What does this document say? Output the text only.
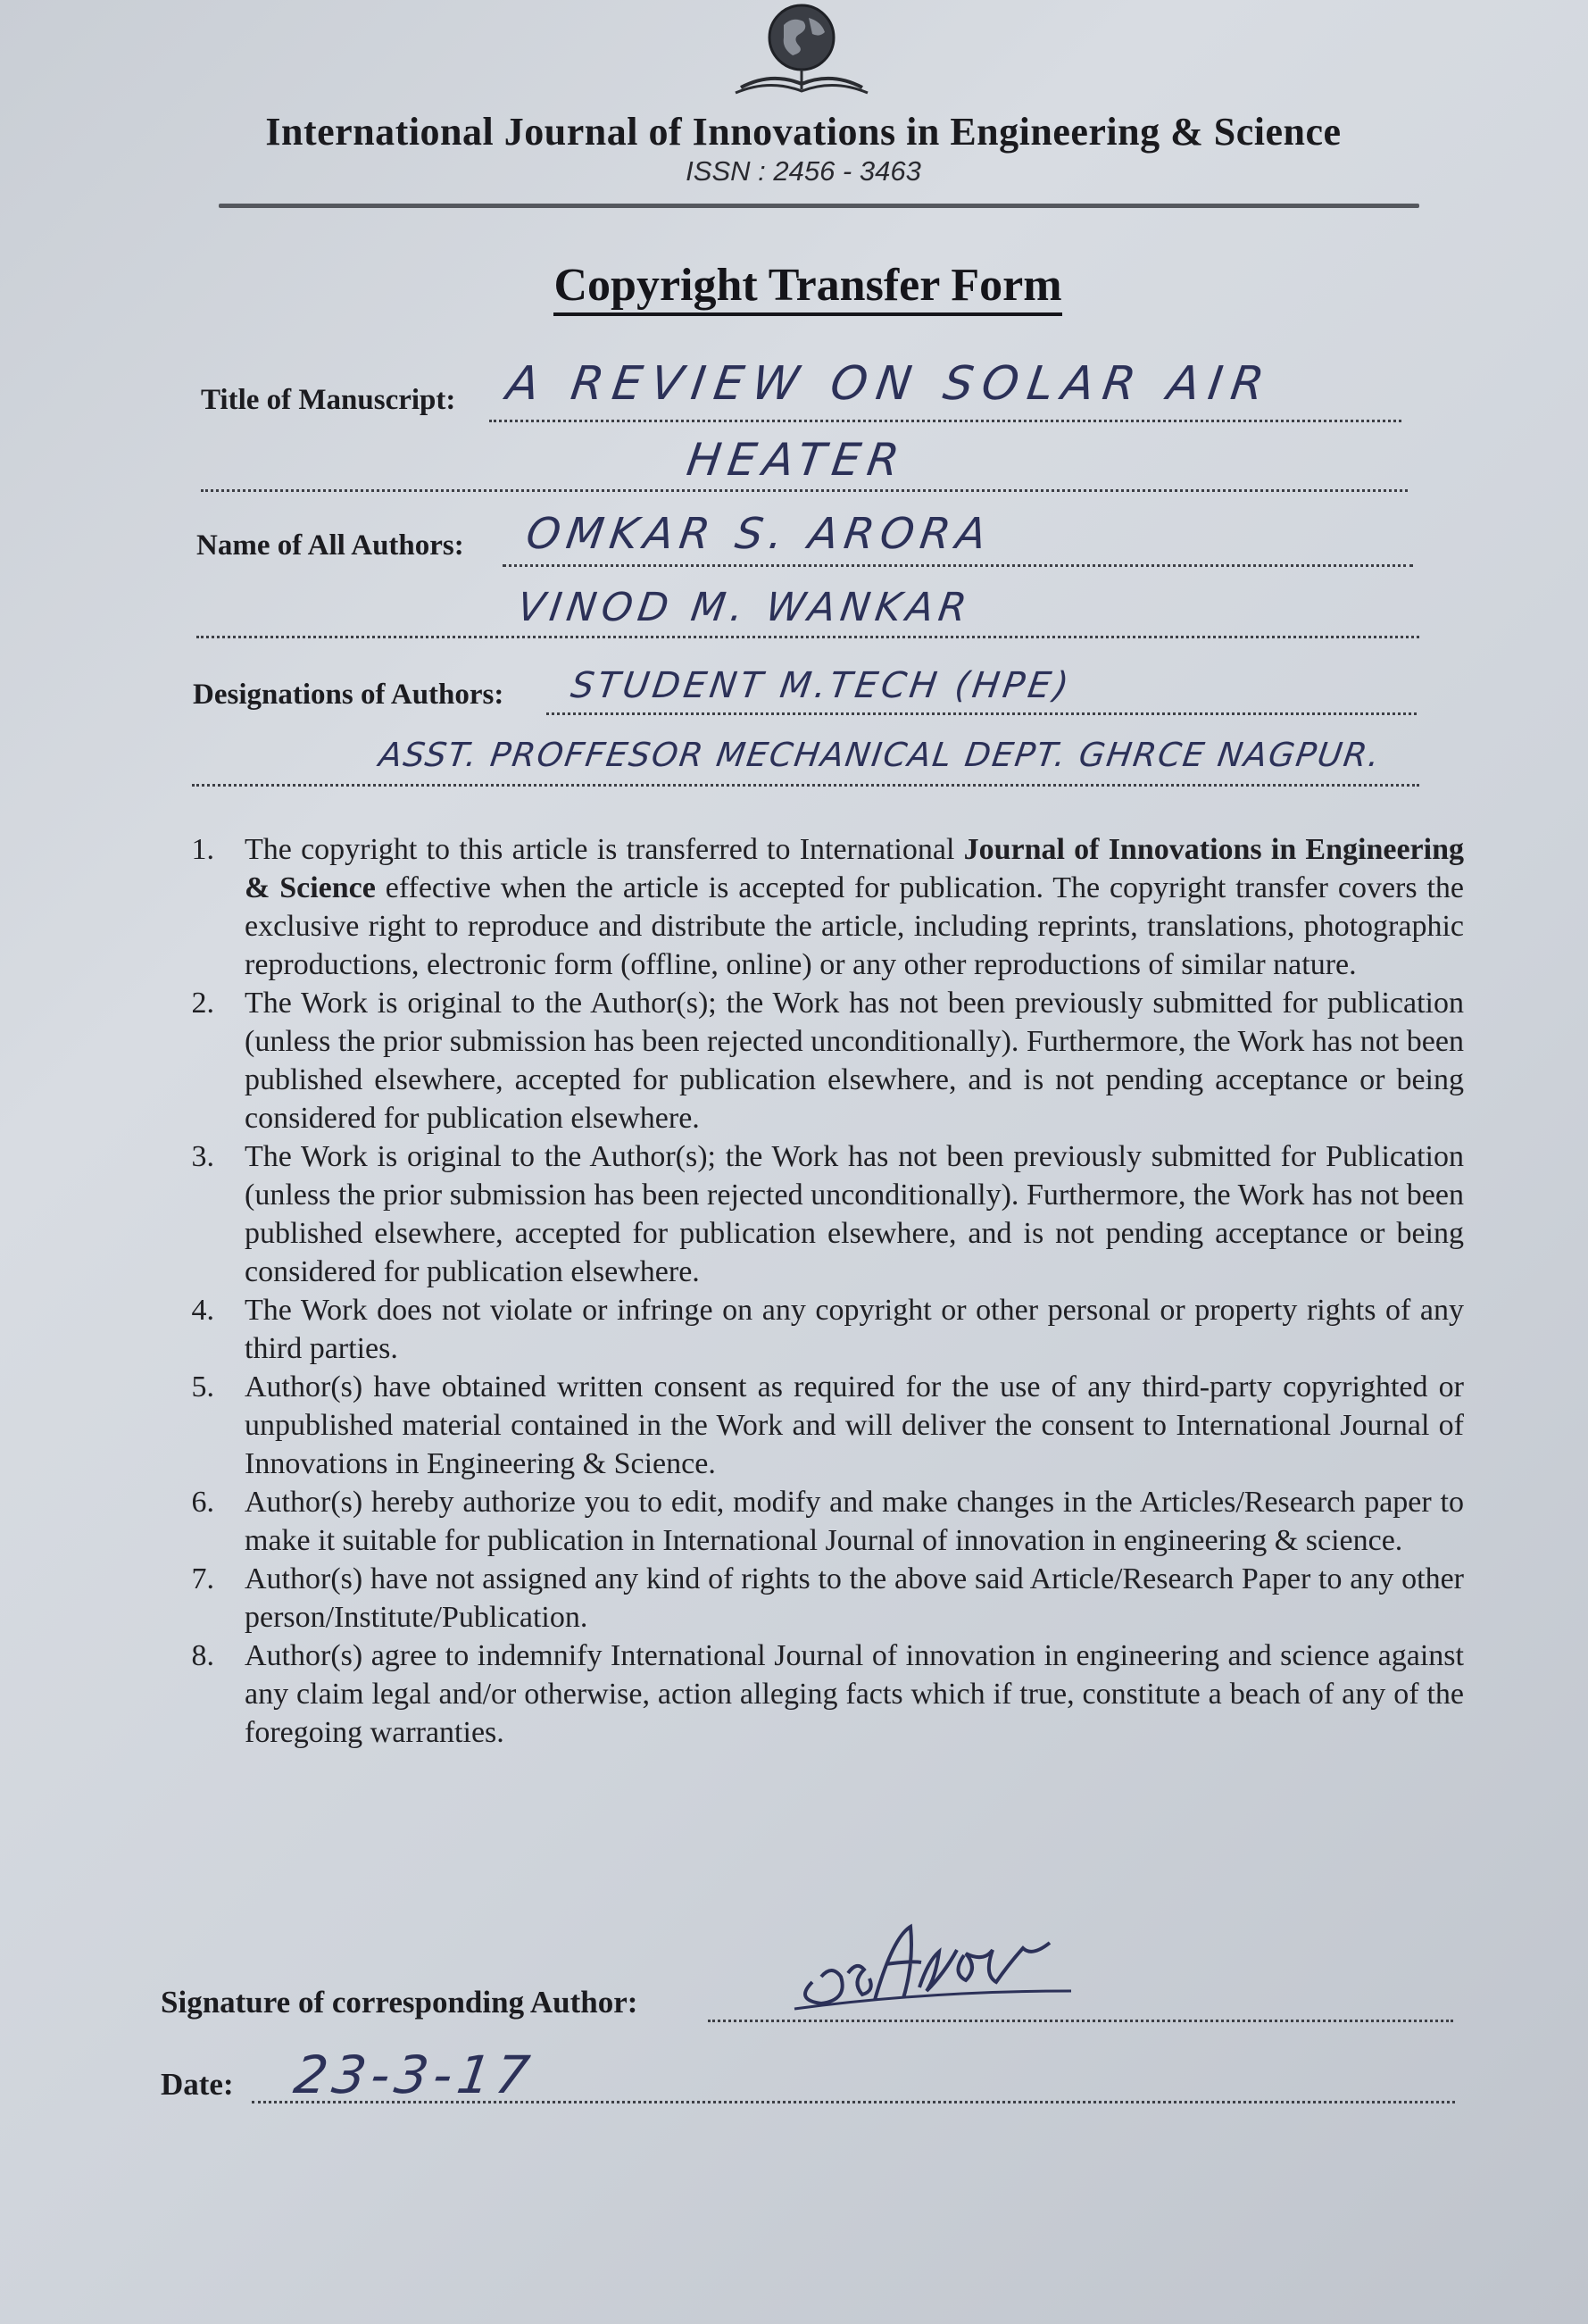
International Journal of Innovations in Engineering & Science
ISSN : 2456 - 3463
Copyright Transfer Form
Title of Manuscript: A REVIEW ON SOLAR AIR
HEATER
Name of All Authors: OMKAR S. ARORA
VINOD M. WANKAR
Designations of Authors: STUDENT M.TECH (HPE)
ASST. PROFFESOR MECHANICAL DEPT. GHRCE NAGPUR.
1. The copyright to this article is transferred to International Journal of Innovations in Engineering & Science effective when the article is accepted for publication. The copyright transfer covers the exclusive right to reproduce and distribute the article, including reprints, translations, photographic reproductions, electronic form (offline, online) or any other reproductions of similar nature.
2. The Work is original to the Author(s); the Work has not been previously submitted for publication (unless the prior submission has been rejected unconditionally). Furthermore, the Work has not been published elsewhere, accepted for publication elsewhere, and is not pending acceptance or being considered for publication elsewhere.
3. The Work is original to the Author(s); the Work has not been previously submitted for Publication (unless the prior submission has been rejected unconditionally). Furthermore, the Work has not been published elsewhere, accepted for publication elsewhere, and is not pending acceptance or being considered for publication elsewhere.
4. The Work does not violate or infringe on any copyright or other personal or property rights of any third parties.
5. Author(s) have obtained written consent as required for the use of any third-party copyrighted or unpublished material contained in the Work and will deliver the consent to International Journal of Innovations in Engineering & Science.
6. Author(s) hereby authorize you to edit, modify and make changes in the Articles/Research paper to make it suitable for publication in International Journal of innovation in engineering & science.
7. Author(s) have not assigned any kind of rights to the above said Article/Research Paper to any other person/Institute/Publication.
8. Author(s) agree to indemnify International Journal of innovation in engineering and science against any claim legal and/or otherwise, action alleging facts which if true, constitute a beach of any of the foregoing warranties.
Signature of corresponding Author:
Date: 23-3-17
